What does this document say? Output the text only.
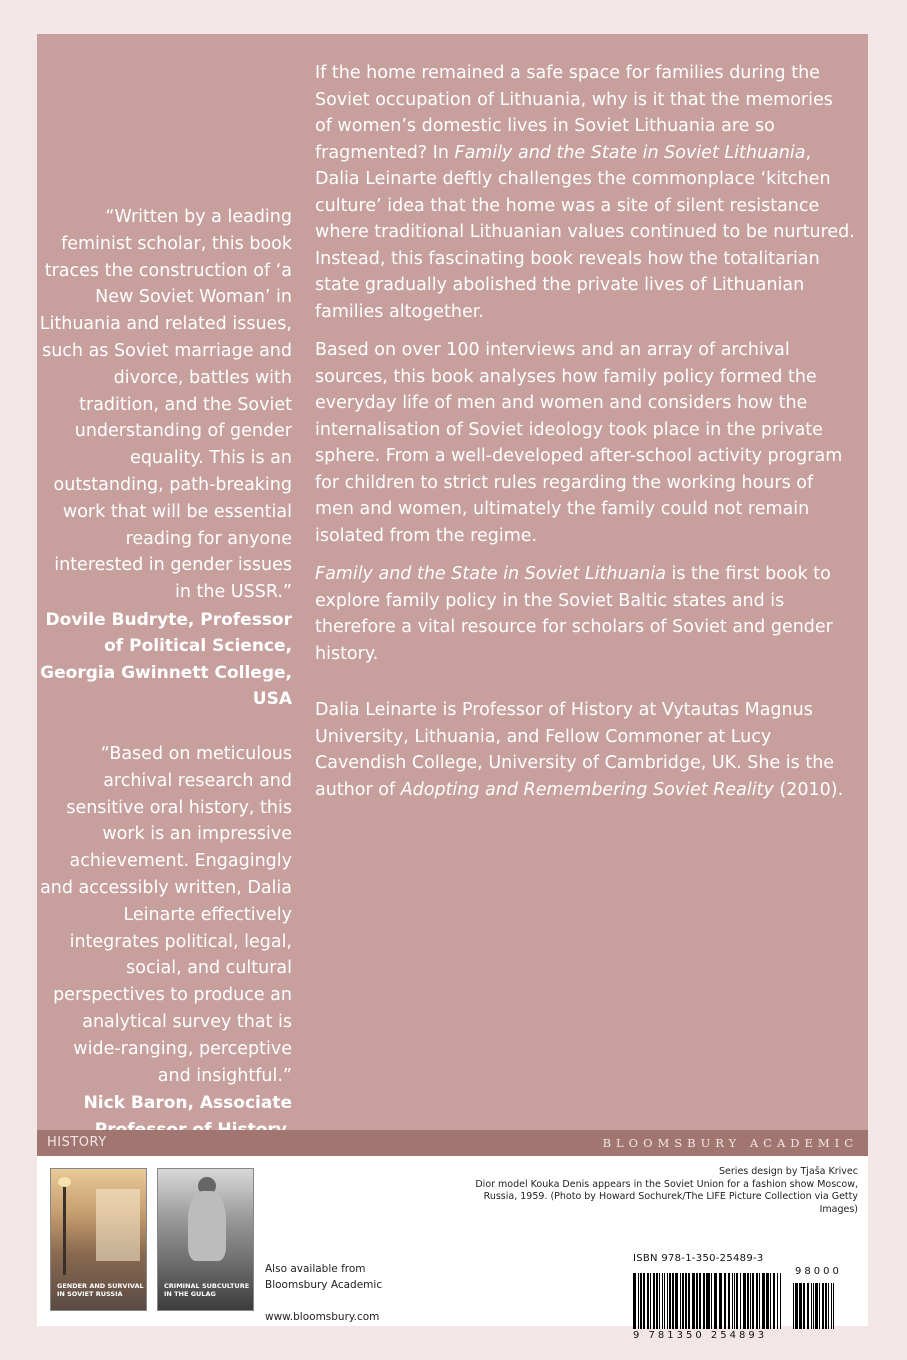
“Written by a leading feminist scholar, this book traces the construction of ‘a New Soviet Woman’ in Lithuania and related issues, such as Soviet marriage and divorce, battles with tradition, and the Soviet understanding of gender equality. This is an outstanding, path-breaking work that will be essential reading for anyone interested in gender issues in the USSR.”
Dovile Budryte, Professor of Political Science, Georgia Gwinnett College, USA
“Based on meticulous archival research and sensitive oral history, this work is an impressive achievement. Engagingly and accessibly written, Dalia Leinarte effectively integrates political, legal, social, and cultural perspectives to produce an analytical survey that is wide-ranging, perceptive and insightful.”
Nick Baron, Associate

If the home remained a safe space for families during the Soviet occupation of Lithuania, why is it that the memories of women’s domestic lives in Soviet Lithuania are so fragmented? In Family and the State in Soviet Lithuania, Dalia Leinarte deftly challenges the commonplace ‘kitchen culture’ idea that the home was a site of silent resistance where traditional Lithuanian values continued to be nurtured. Instead, this fascinating book reveals how the totalitarian state gradually abolished the private lives of Lithuanian families altogether.

Based on over 100 interviews and an array of archival sources, this book analyses how family policy formed the everyday life of men and women and considers how the internalisation of Soviet ideology took place in the private sphere. From a well-developed after-school activity program for children to strict rules regarding the working hours of men and women, ultimately the family could not remain isolated from the regime.

Family and the State in Soviet Lithuania is the first book to explore family policy in the Soviet Baltic states and is therefore a vital resource for scholars of Soviet and gender history.

Dalia Leinarte is Professor of History at Vytautas Magnus University, Lithuania, and Fellow Commoner at Lucy Cavendish College, University of Cambridge, UK. She is the author of Adopting and Remembering Soviet Reality (2010).

HISTORY	BLOOMSBURY ACADEMIC
GENDER AND SURVIVAL IN SOVIET RUSSIA
CRIMINAL SUBCULTURE IN THE GULAG
Also available from
Bloomsbury Academic
www.bloomsbury.com
Series design by Tjaša Krivec
Dior model Kouka Denis appears in the Soviet Union for a fashion show Moscow, Russia, 1959. (Photo by Howard Sochurek/The LIFE Picture Collection via Getty Images)
ISBN 978-1-350-25489-3
98000
9 781350 254893
